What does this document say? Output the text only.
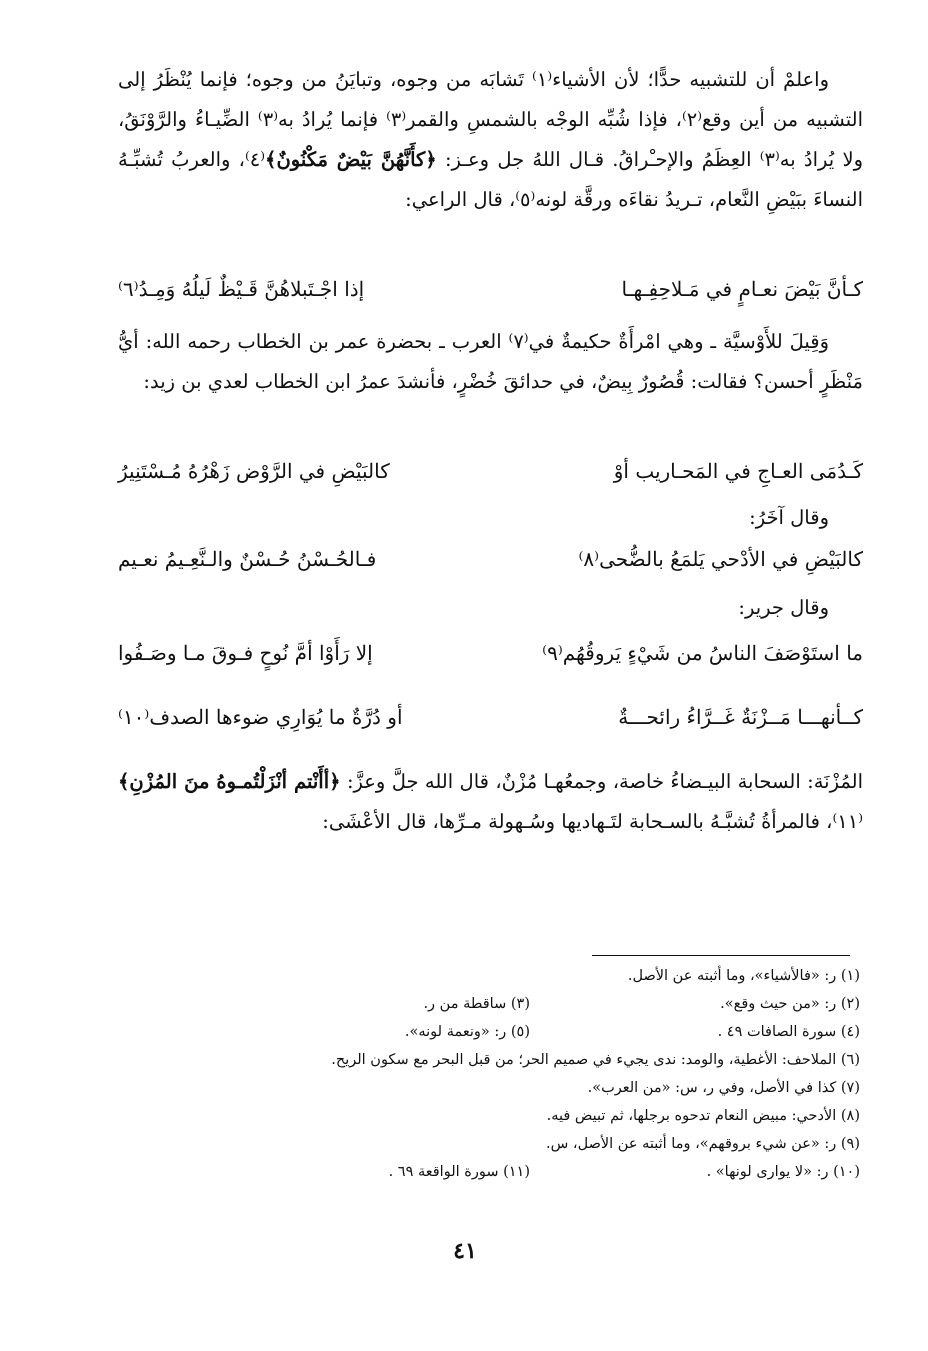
واعلمْ أن للتشبيه حدًّا؛ لأن الأشياء⁽١⁾ تَشابَه من وجوه، وتبايَنُ من وجوه؛ فإنما يُنْظَرُ إلى التشبيه من أين وقع⁽٢⁾، فإذا شُبِّه الوجْه بالشمسِ والقمر⁽٣⁾ فإنما يُرادُ به⁽٣⁾ الضِّيـاءُ والرَّوْنَقُ، ولا يُرادُ به⁽٣⁾ العِظَمُ والإحـْراقُ. قـال اللهُ جل وعـز: ﴿كأَنَّهُنَّ بَيْضٌ مَكْنُونٌ﴾⁽٤⁾، والعربُ تُشبِّـهُ النساءَ ببَيْضِ النَّعام، تـريدُ نقاءَه ورقَّة لونه⁽٥⁾، قال الراعي:

كـأنَّ بَيْضَ نعـامٍ في مَـلاحِفِـهـا
إذا اجْـتَبلاهُنَّ قَـيْظٌ لَيلُهُ وَمِـدُ⁽٦⁾

وَقِيلَ للأَوْسيَّة ـ وهي امْرأَةٌ حكيمةٌ في⁽٧⁾ العرب ـ بحضرة عمر بن الخطاب رحمه الله: أيُّ مَنْظَرٍ أحسن؟ فقالت: قُصُورٌ بِيضٌ، في حدائقَ خُضْرٍ، فأنشدَ عمرُ ابن الخطاب لعدي بن زيد:

كَـدُمَى العـاجِ في المَحـاريب أوْ
كالبَيْضِ في الرَّوْض زَهْرُهُ مُـسْتَنِيرُ

وقال آخَرُ:

كالبَيْضِ في الأدْحي يَلمَعُ بالضُّحى⁽٨⁾
فـالحُـسْنُ حُـسْنٌ والـنَّعِـيمُ نعـيم

وقال جرير:

ما استَوْصَفَ الناسُ من شَيْءٍ يَروقُهُم⁽٩⁾
إلا رَأَوْا أمَّ نُوحٍ فـوقَ مـا وصَـفُوا
كــأنهـــا مَــزْنَةٌ غَــرَّاءُ رائحـــةٌ
أو دُرَّةٌ ما يُوَارِي ضوءها الصدف⁽١٠⁾

المُزْنَة: السحابة البيـضاءُ خاصة، وجمعُهـا مُزْنٌ، قال الله جلَّ وعزَّ: ﴿أأَنْتم أنْزَلْتُمـوهُ منَ المُزْنِ﴾⁽١١⁾، فالمرأةُ تُشبَّـهُ بالسـحابة لتَـهاديها وسُـهولة مـرِّها، قال الأعْشَى:

(١) ر: «فالأشياء»، وما أثبته عن الأصل.
(٢) ر: «من حيث وقع».
(٣) ساقطة من ر.
(٤) سورة الصافات ٤٩ .
(٥) ر: «ونعمة لونه».
(٦) الملاحف: الأغطية، والومد: ندى يجيء في صميم الحر؛ من قبل البحر مع سكون الريح.
(٧) كذا في الأصل، وفي ر، س: «من العرب».
(٨) الأدحي: مبيض النعام تدحوه برجلها، ثم تبيض فيه.
(٩) ر: «عن شيء بروقهم»، وما أثبته عن الأصل، س.
(١٠) ر: «لا يوارى لونها» .
(١١) سورة الواقعة ٦٩ .
٤١
